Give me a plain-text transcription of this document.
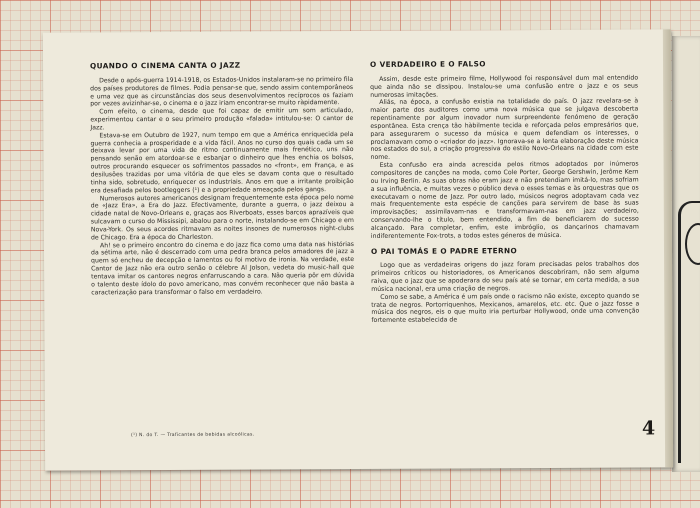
QUANDO O CINEMA CANTA O JAZZ

Desde o após-guerra 1914-1918, os Estados-Unidos instalaram-se no primeiro fila dos países produtores de filmes. Podia pensar-se que, sendo assim contemporâneos e uma vez que as circunstâncias dos seus desenvolvimentos recíprocos os faziam por vezes avizinhar-se, o cinema e o jazz iriam encontrar-se muito ràpidamente.

Com efeito, o cinema, desde que foi capaz de emitir um som articulado, experimentou cantar e o seu primeiro produção «falada» intitulou-se: O cantor de Jazz.

Estava-se em Outubro de 1927, num tempo em que a América enriquecida pela guerra conhecia a prosperidade e a vida fácil. Anos no curso dos quais cada um se deixava levar por uma vida de ritmo continuamente mais frenético, uns não pensando senão em atordoar-se e esbanjar o dinheiro que lhes enchia os bolsos, outros procurando esquecer os sofrimentos passados no «front», em França, e as desilusões trazidas por uma vitória de que eles se davam conta que o resultado tinha sido, sobretudo, enriquecer os industriais. Anos em que a irritante proibição era desafiada pelos bootleggers (¹) e a propriedade ameaçada pelos gangs.

Numerosos autores americanos designam frequentemente esta época pelo nome de «Jazz Era», a Era do Jazz. Efectivamente, durante a guerra, o jazz deixou a cidade natal de Novo-Orleans e, graças aos Riverboats, esses barcos aprazíveis que sulcavam o curso do Mississipi, abalou para o norte, instalando-se em Chicago e em Nova-York. Os seus acordes ritmavam as noites insones de numerosos night-clubs de Chicago. Era a época do Charleston.

Ah! se o primeiro encontro do cinema e do jazz fica como uma data nas histórias da sétima arte, não é descerrado com uma pedra branca pelos amadores de jazz a quem só encheu de decepção e lamentos ou foi motivo de ironia. Na verdade, este Cantor de Jazz não era outro senão o célebre Al Jolson, vedeta do music-hall que tentava imitar os cantores negros enfarruscando a cara. Não queria pôr em dúvida o talento deste ídolo do povo americano, mas convém reconhecer que não basta a caracterização para transformar o falso em verdadeiro.

(¹) N. do T. — Traficantes de bebidas alcoólicas.

O VERDADEIRO E O FALSO

Assim, desde este primeiro filme, Hollywood foi responsável dum mal entendido que ainda não se dissipou. Instalou-se uma confusão entre o jazz e os seus numerosas imitações.

Aliás, na época, a confusão existia na totalidade do país. O jazz revelara-se à maior parte dos auditores como uma nova música que se julgava descoberta repentinamente por algum inovador num surpreendente fenómeno de geração espontânea. Esta crença tão hàbilmente tecida e reforçada pelos empresários que, para assegurarem o sucesso da música e quem defendiam os interesses, o proclamavam como o «criador do jazz». Ignorava-se a lenta elaboração deste música nos estados do sul, a criação progressiva do estilo Novo-Orleans na cidade com este nome.

Esta confusão era ainda acrescida pelos ritmos adoptados por inúmeros compositores de canções na moda, como Cole Porter, George Gershwin, Jerôme Kern ou Irving Berlin. As suas obras não eram jazz e não pretendiam imitá-lo, mas sofriam a sua influência, e muitas vezes o público deva o esses temas e às orquestras que os executavam o nome de Jazz. Por outro lado, músicos negros adoptavam cada vez mais frequentemente esta espécie de canções para servirem de base às suas improvisações; assimilavam-nas e transformavam-nas em jazz verdadeiro, conservando-lhe o título, bem entendido, a fim de beneficiarem do sucesso alcançado. Para completar, enfim, este imbróglio, os dançarinos chamavam indiferentemente Fox-trots, a todos estes géneros de música.

O PAI TOMÁS E O PADRE ETERNO

Logo que as verdadeiras origens do jazz foram precisadas pelos trabalhos dos primeiros críticos ou historiadores, os Americanos descobriram, não sem alguma raiva, que o jazz que se apoderara do seu país até se tornar, em certa medida, a sua música nacional, era uma criação de negros.

Como se sabe, a América é um país onde o racismo não existe, excepto quando se trata de negros. Portorriquenhos, Mexicanos, amarelos, etc. etc. Que o jazz fosse a música dos negros, eis o que muito iria perturbar Hollywood, onde uma convenção fortemente estabelecida de

4
